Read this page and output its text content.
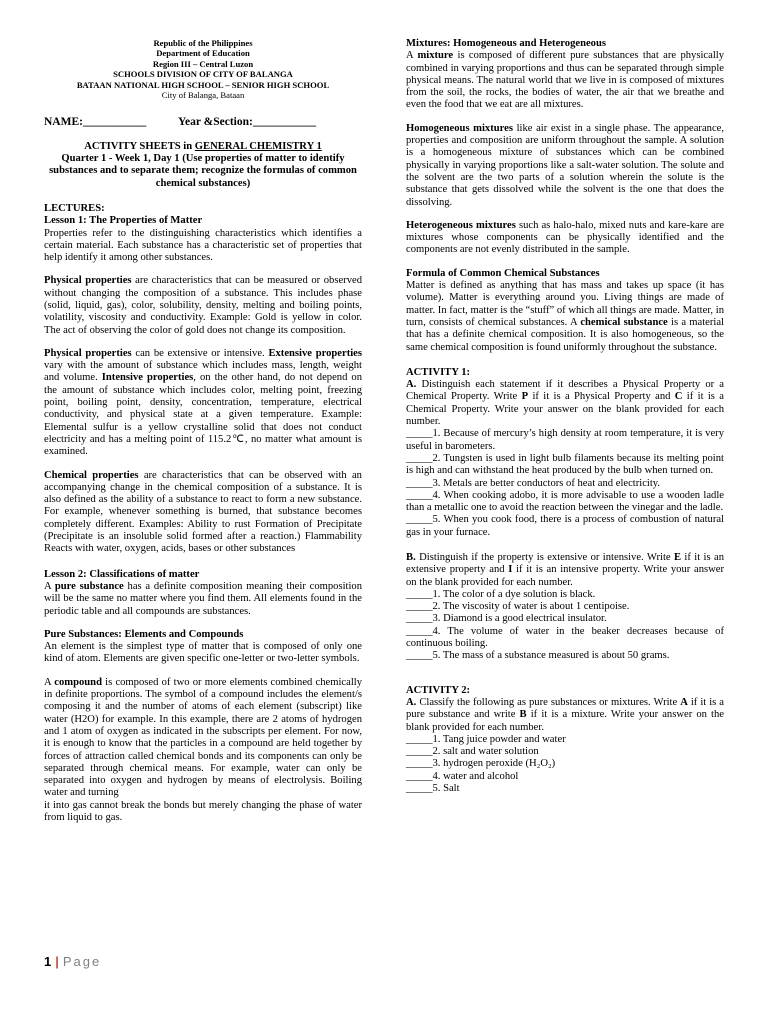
Republic of the Philippines
Department of Education
Region III – Central Luzon
SCHOOLS DIVISION OF CITY OF BALANGA
BATAAN NATIONAL HIGH SCHOOL – SENIOR HIGH SCHOOL
City of Balanga, Bataan
NAME:___________	Year &Section:___________
ACTIVITY SHEETS in GENERAL CHEMISTRY 1
Quarter 1 - Week 1, Day 1 (Use properties of matter to identify substances and to separate them; recognize the formulas of common chemical substances)
LECTURES:
Lesson 1: The Properties of Matter

Properties refer to the distinguishing characteristics which identifies a certain material. Each substance has a characteristic set of properties that help identify it among other substances.

Physical properties are characteristics that can be measured or observed without changing the composition of a substance. This includes phase (solid, liquid, gas), color, solubility, density, melting and boiling points, volatility, viscosity and conductivity. Example: Gold is yellow in color. The act of observing the color of gold does not change its composition.

Physical properties can be extensive or intensive. Extensive properties vary with the amount of substance which includes mass, length, weight and volume. Intensive properties, on the other hand, do not depend on the amount of substance which includes color, melting point, freezing point, boiling point, density, concentration, temperature, electrical conductivity, and physical state at a given temperature. Example: Elemental sulfur is a yellow crystalline solid that does not conduct electricity and has a melting point of 115.2℃, no matter what amount is examined.

Chemical properties are characteristics that can be observed with an accompanying change in the chemical composition of a substance. It is also defined as the ability of a substance to react to form a new substance. For example, whenever something is burned, that substance becomes completely different. Examples: Ability to rust Formation of Precipitate (Precipitate is an insoluble solid formed after a reaction.) Flammability Reacts with water, oxygen, acids, bases or other substances

Lesson 2: Classifications of matter

A pure substance has a definite composition meaning their composition will be the same no matter where you find them. All elements found in the periodic table and all compounds are substances.

Pure Substances: Elements and Compounds

An element is the simplest type of matter that is composed of only one kind of atom. Elements are given specific one-letter or two-letter symbols.

A compound is composed of two or more elements combined chemically in definite proportions. The symbol of a compound includes the element/s composing it and the number of atoms of each element (subscript) like water (H2O) for example. In this example, there are 2 atoms of hydrogen and 1 atom of oxygen as indicated in the subscripts per element. For now, it is enough to know that the particles in a compound are held together by forces of attraction called chemical bonds and its components can only be separated through chemical means. For example, water can only be separated into oxygen and hydrogen by means of electrolysis. Boiling water and turning

it into gas cannot break the bonds but merely changing the phase of water from liquid to gas.

Mixtures: Homogeneous and Heterogeneous

A mixture is composed of different pure substances that are physically combined in varying proportions and thus can be separated through simple physical means. The natural world that we live in is composed of mixtures from the soil, the rocks, the bodies of water, the air that we breathe and even the food that we eat are all mixtures.

Homogeneous mixtures like air exist in a single phase. The appearance, properties and composition are uniform throughout the sample. A solution is a homogeneous mixture of substances which can be combined physically in varying proportions like a salt-water solution. The solute and the solvent are the two parts of a solution wherein the solute is the substance that gets dissolved while the solvent is the one that does the dissolving.

Heterogeneous mixtures such as halo-halo, mixed nuts and kare-kare are mixtures whose components can be physically identified and the components are not evenly distributed in the sample.

Formula of Common Chemical Substances

Matter is defined as anything that has mass and takes up space (it has volume). Matter is everything around you. Living things are made of matter. In fact, matter is the “stuff” of which all things are made. Matter, in turn, consists of chemical substances. A chemical substance is a material that has a definite chemical composition. It is also homogeneous, so the same chemical composition is found uniformly throughout the substance.

ACTIVITY 1:

A. Distinguish each statement if it describes a Physical Property or a Chemical Property. Write P if it is a Physical Property and C if it is a Chemical Property. Write your answer on the blank provided for each number.

_____1. Because of mercury’s high density at room temperature, it is very useful in barometers.
_____2. Tungsten is used in light bulb filaments because its melting point is high and can withstand the heat produced by the bulb when turned on.
_____3. Metals are better conductors of heat and electricity.
_____4. When cooking adobo, it is more advisable to use a wooden ladle than a metallic one to avoid the reaction between the vinegar and the ladle.
_____5. When you cook food, there is a process of combustion of natural gas in your furnace.

B. Distinguish if the property is extensive or intensive. Write E if it is an extensive property and I if it is an intensive property. Write your answer on the blank provided for each number.

_____1. The color of a dye solution is black.
_____2. The viscosity of water is about 1 centipoise.
_____3. Diamond is a good electrical insulator.
_____4. The volume of water in the beaker decreases because of continuous boiling.
_____5. The mass of a substance measured is about 50 grams.
ACTIVITY 2:

A. Classify the following as pure substances or mixtures. Write A if it is a pure substance and write B if it is a mixture. Write your answer on the blank provided for each number.

_____1. Tang juice powder and water
_____2. salt and water solution
_____3. hydrogen peroxide (H₂O₂)
_____4. water and alcohol
_____5. Salt
1 | Page
